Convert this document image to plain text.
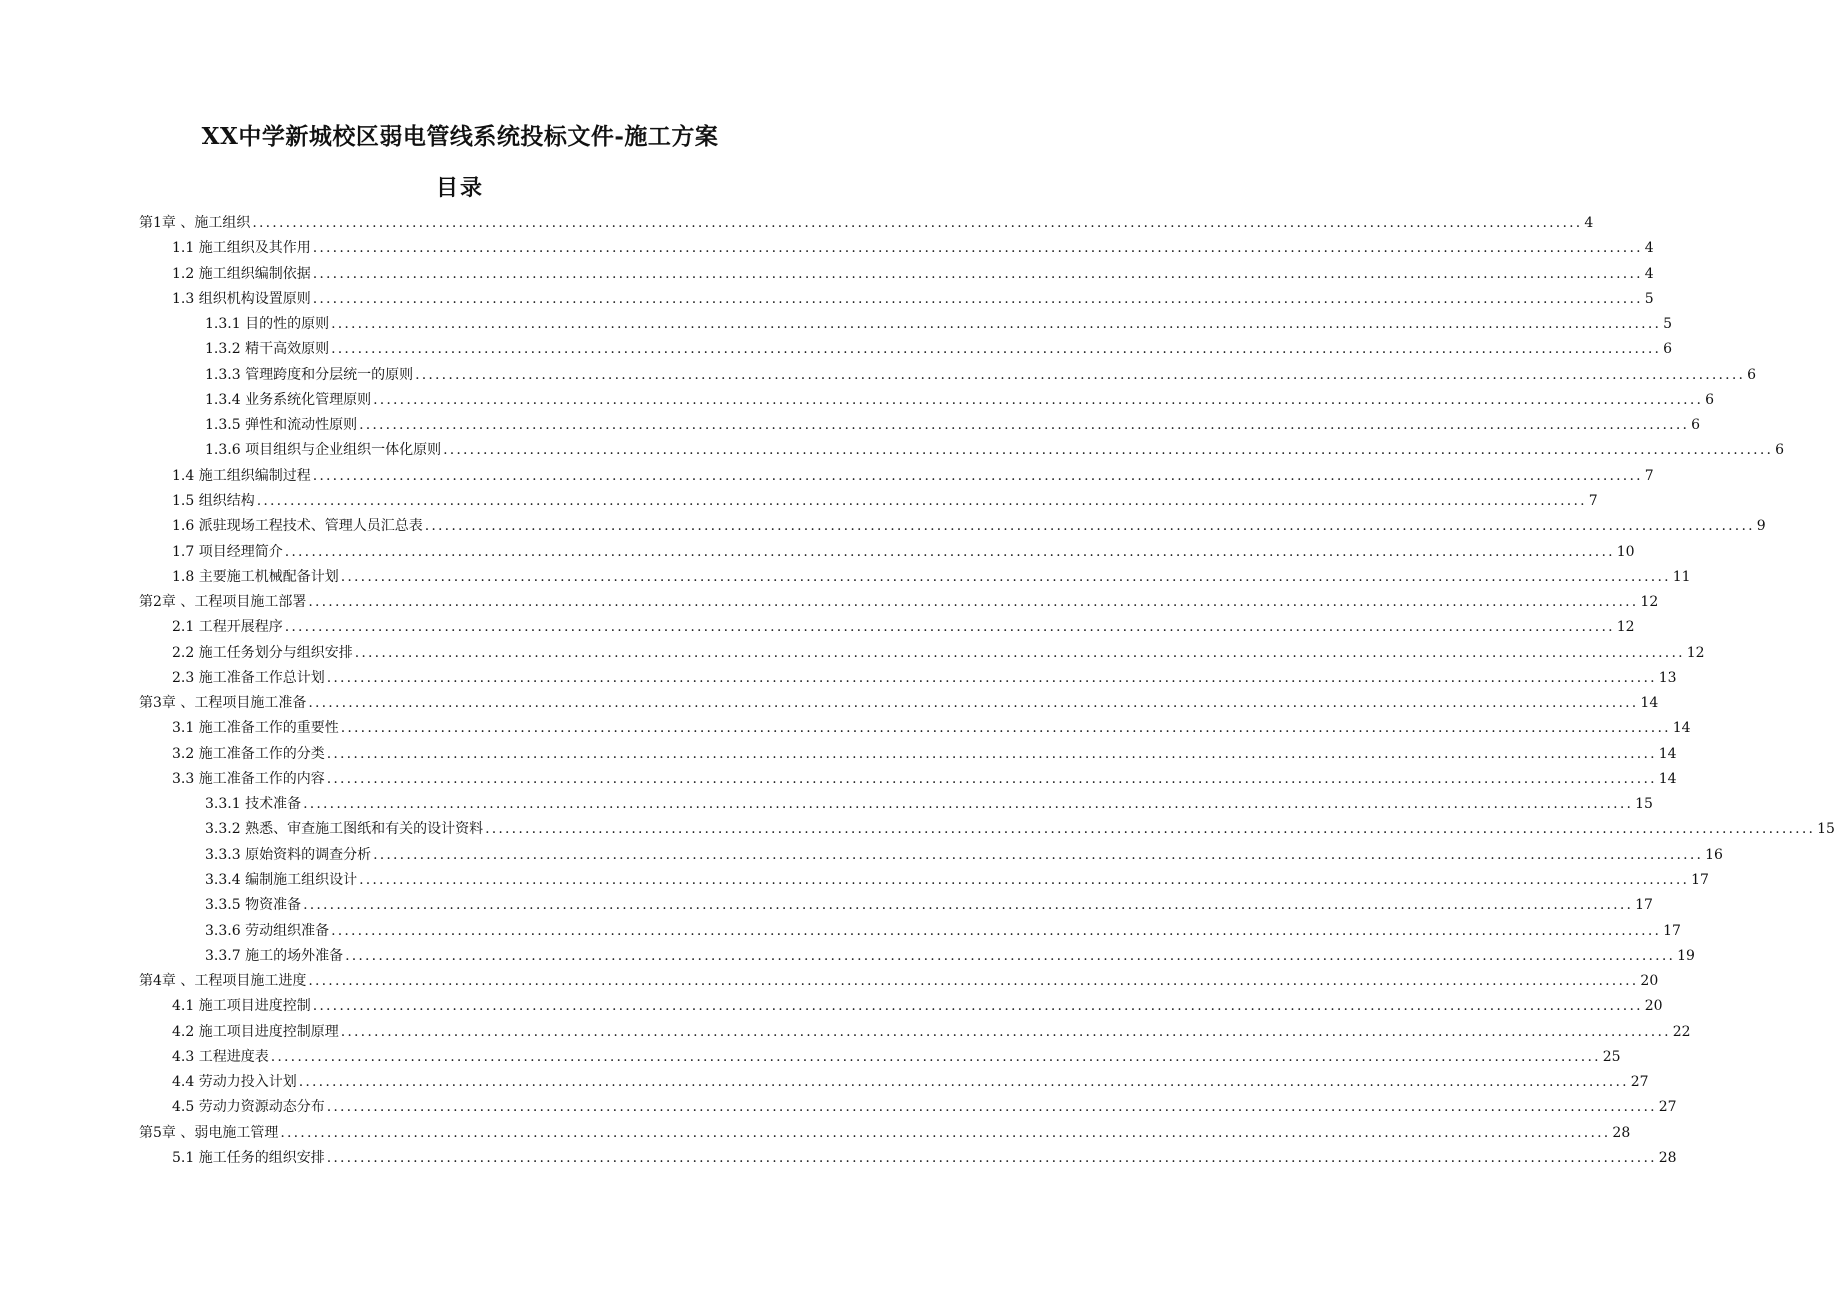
XX中学新城校区弱电管线系统投标文件-施工方案
目录
第1章 、施工组织 ........................................................................................................................................................................................................ 4
1.1 施工组织及其作用 ........................................................................................................................................................................................................ 4
1.2 施工组织编制依据 ........................................................................................................................................................................................................ 4
1.3 组织机构设置原则 ........................................................................................................................................................................................................ 5
1.3.1 目的性的原则 ........................................................................................................................................................................................................ 5
1.3.2 精干高效原则 ........................................................................................................................................................................................................ 6
1.3.3 管理跨度和分层统一的原则 ........................................................................................................................................................................................................ 6
1.3.4 业务系统化管理原则 ........................................................................................................................................................................................................ 6
1.3.5 弹性和流动性原则 ........................................................................................................................................................................................................ 6
1.3.6 项目组织与企业组织一体化原则 ........................................................................................................................................................................................................ 6
1.4 施工组织编制过程 ........................................................................................................................................................................................................ 7
1.5 组织结构 ........................................................................................................................................................................................................ 7
1.6 派驻现场工程技术、管理人员汇总表 ........................................................................................................................................................................................................ 9
1.7 项目经理简介 ........................................................................................................................................................................................................ 10
1.8 主要施工机械配备计划 ........................................................................................................................................................................................................ 11
第2章 、工程项目施工部署 ........................................................................................................................................................................................................ 12
2.1 工程开展程序 ........................................................................................................................................................................................................ 12
2.2 施工任务划分与组织安排 ........................................................................................................................................................................................................ 12
2.3 施工准备工作总计划 ........................................................................................................................................................................................................ 13
第3章 、工程项目施工准备 ........................................................................................................................................................................................................ 14
3.1 施工准备工作的重要性 ........................................................................................................................................................................................................ 14
3.2 施工准备工作的分类 ........................................................................................................................................................................................................ 14
3.3 施工准备工作的内容 ........................................................................................................................................................................................................ 14
3.3.1 技术准备 ........................................................................................................................................................................................................ 15
3.3.2 熟悉、审查施工图纸和有关的设计资料 ........................................................................................................................................................................................................ 15
3.3.3 原始资料的调查分析 ........................................................................................................................................................................................................ 16
3.3.4 编制施工组织设计 ........................................................................................................................................................................................................ 17
3.3.5 物资准备 ........................................................................................................................................................................................................ 17
3.3.6 劳动组织准备 ........................................................................................................................................................................................................ 17
3.3.7 施工的场外准备 ........................................................................................................................................................................................................ 19
第4章 、工程项目施工进度 ........................................................................................................................................................................................................ 20
4.1 施工项目进度控制 ........................................................................................................................................................................................................ 20
4.2 施工项目进度控制原理 ........................................................................................................................................................................................................ 22
4.3 工程进度表 ........................................................................................................................................................................................................ 25
4.4 劳动力投入计划 ........................................................................................................................................................................................................ 27
4.5 劳动力资源动态分布 ........................................................................................................................................................................................................ 27
第5章 、弱电施工管理 ........................................................................................................................................................................................................ 28
5.1 施工任务的组织安排 ........................................................................................................................................................................................................ 28
